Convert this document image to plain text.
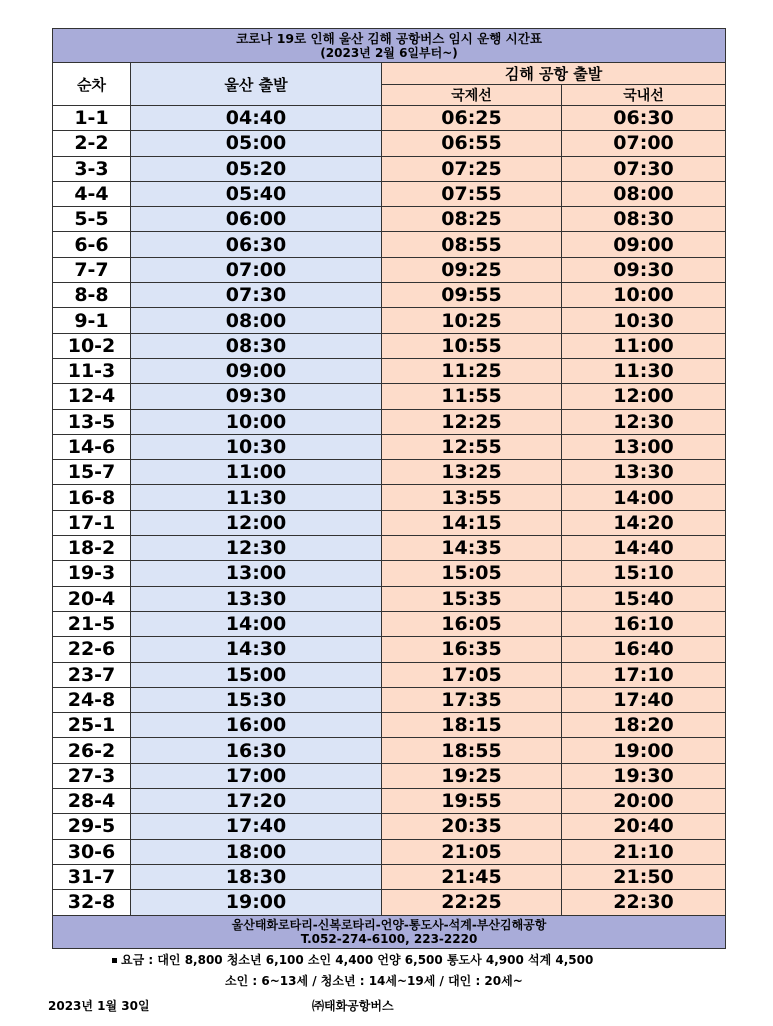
코로나 19로 인해 울산 김해 공항버스 임시 운행 시간표
(2023년 2월 6일부터~)			

순차	울산 출발	김해 공항 출발	
		국제선	국내선
1-1	04:40	06:25	06:30
2-2	05:00	06:55	07:00
3-3	05:20	07:25	07:30
4-4	05:40	07:55	08:00
5-5	06:00	08:25	08:30
6-6	06:30	08:55	09:00
7-7	07:00	09:25	09:30
8-8	07:30	09:55	10:00
9-1	08:00	10:25	10:30
10-2	08:30	10:55	11:00
11-3	09:00	11:25	11:30
12-4	09:30	11:55	12:00
13-5	10:00	12:25	12:30
14-6	10:30	12:55	13:00
15-7	11:00	13:25	13:30
16-8	11:30	13:55	14:00
17-1	12:00	14:15	14:20
18-2	12:30	14:35	14:40
19-3	13:00	15:05	15:10
20-4	13:30	15:35	15:40
21-5	14:00	16:05	16:10
22-6	14:30	16:35	16:40
23-7	15:00	17:05	17:10
24-8	15:30	17:35	17:40
25-1	16:00	18:15	18:20
26-2	16:30	18:55	19:00
27-3	17:00	19:25	19:30
28-4	17:20	19:55	20:00
29-5	17:40	20:35	20:40
30-6	18:00	21:05	21:10
31-7	18:30	21:45	21:50
32-8	19:00	22:25	22:30

울산태화로타리-신복로타리-언양-통도사-석계-부산김해공항
T.052-274-6100, 223-2220			
요금 : 대인 8,800 청소년 6,100 소인 4,400 언양 6,500 통도사 4,900 석계 4,500
소인 : 6~13세 / 청소년 : 14세~19세 / 대인 : 20세~
2023년 1월 30일	㈜태화공항버스
